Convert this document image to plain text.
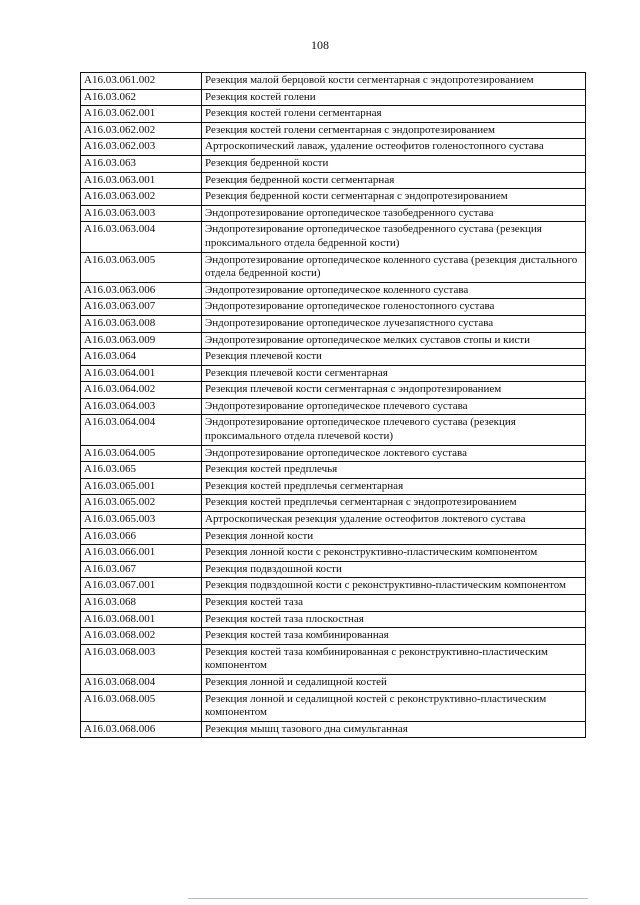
108
A16.03.061.002	Резекция малой берцовой кости сегментарная с эндопротезированием
A16.03.062	Резекция костей голени
A16.03.062.001	Резекция костей голени сегментарная
A16.03.062.002	Резекция костей голени сегментарная с эндопротезированием
A16.03.062.003	Артроскопический лаваж, удаление остеофитов голеностопного сустава
A16.03.063	Резекция бедренной кости
A16.03.063.001	Резекция бедренной кости сегментарная
A16.03.063.002	Резекция бедренной кости сегментарная с эндопротезированием
A16.03.063.003	Эндопротезирование ортопедическое тазобедренного сустава
A16.03.063.004	Эндопротезирование ортопедическое тазобедренного сустава (резекция проксимального отдела бедренной кости)
A16.03.063.005	Эндопротезирование ортопедическое коленного сустава (резекция дистального отдела бедренной кости)
A16.03.063.006	Эндопротезирование ортопедическое коленного сустава
A16.03.063.007	Эндопротезирование ортопедическое голеностопного сустава
A16.03.063.008	Эндопротезирование ортопедическое лучезапястного сустава
A16.03.063.009	Эндопротезирование ортопедическое мелких суставов стопы и кисти
A16.03.064	Резекция плечевой кости
A16.03.064.001	Резекция плечевой кости сегментарная
A16.03.064.002	Резекция плечевой кости сегментарная с эндопротезированием
A16.03.064.003	Эндопротезирование ортопедическое плечевого сустава
A16.03.064.004	Эндопротезирование ортопедическое плечевого сустава (резекция проксимального отдела плечевой кости)
A16.03.064.005	Эндопротезирование ортопедическое локтевого сустава
A16.03.065	Резекция костей предплечья
A16.03.065.001	Резекция костей предплечья сегментарная
A16.03.065.002	Резекция костей предплечья сегментарная с эндопротезированием
A16.03.065.003	Артроскопическая резекция удаление остеофитов локтевого сустава
A16.03.066	Резекция лонной кости
A16.03.066.001	Резекция лонной кости с реконструктивно-пластическим компонентом
A16.03.067	Резекция подвздошной кости
A16.03.067.001	Резекция подвздошной кости с реконструктивно-пластическим компонентом
A16.03.068	Резекция костей таза
A16.03.068.001	Резекция костей таза плоскостная
A16.03.068.002	Резекция костей таза комбинированная
A16.03.068.003	Резекция костей таза комбинированная с реконструктивно-пластическим компонентом
A16.03.068.004	Резекция лонной и седалищной костей
A16.03.068.005	Резекция лонной и седалищной костей с реконструктивно-пластическим компонентом
A16.03.068.006	Резекция мышц тазового дна симультанная
